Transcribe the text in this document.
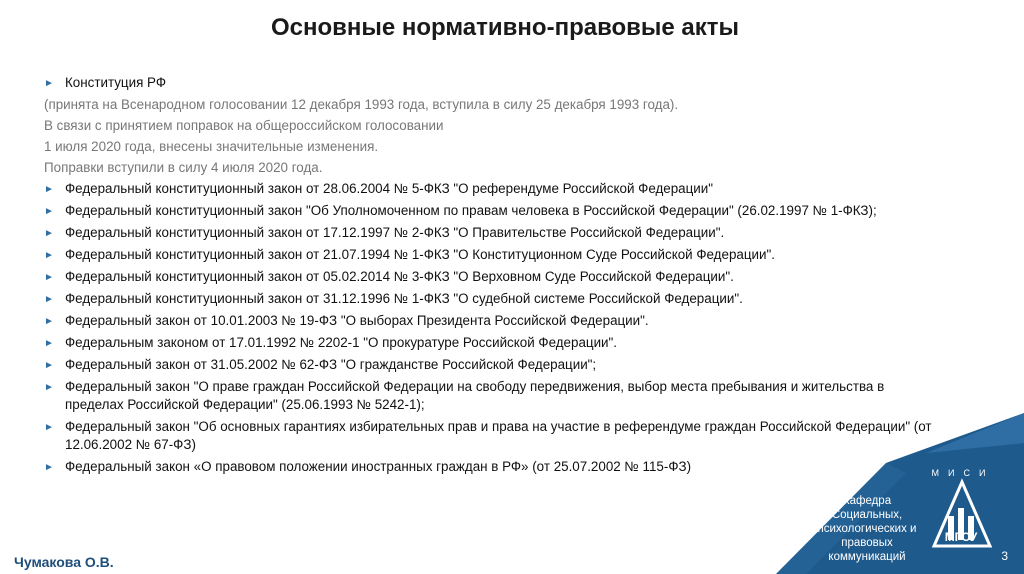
Основные нормативно-правовые акты
► Конституция РФ
(принята на Всенародном голосовании 12 декабря 1993 года, вступила в силу 25 декабря 1993 года).
В связи с принятием поправок на общероссийском голосовании
1 июля 2020 года, внесены значительные изменения.
Поправки вступили в силу 4 июля 2020 года.
► Федеральный конституционный закон от 28.06.2004 № 5-ФКЗ "О референдуме Российской Федерации"
► Федеральный конституционный закон "Об Уполномоченном по правам человека в Российской Федерации" (26.02.1997 № 1-ФКЗ);
► Федеральный конституционный закон от 17.12.1997 № 2-ФКЗ "О Правительстве Российской Федерации".
► Федеральный конституционный закон от 21.07.1994 № 1-ФКЗ "О Конституционном Суде Российской Федерации".
► Федеральный конституционный закон от 05.02.2014 № 3-ФКЗ "О Верховном Суде Российской Федерации".
► Федеральный конституционный закон от 31.12.1996 № 1-ФКЗ "О судебной системе Российской Федерации".
► Федеральный закон от 10.01.2003 № 19-ФЗ "О выборах Президента Российской Федерации".
► Федеральным законом от 17.01.1992 № 2202-1 "О прокуратуре Российской Федерации".
► Федеральный закон от 31.05.2002 № 62-ФЗ "О гражданстве Российской Федерации";
► Федеральный закон "О праве граждан Российской Федерации на свободу передвижения, выбор места пребывания и жительства в пределах Российской Федерации" (25.06.1993 № 5242-1);
► Федеральный закон "Об основных гарантиях избирательных прав и права на участие в референдуме граждан Российской Федерации" (от 12.06.2002 № 67-ФЗ)
► Федеральный закон «О правовом положении иностранных граждан в РФ» (от 25.07.2002 № 115-ФЗ)
Кафедра
Социальных,
психологических и
правовых коммуникаций
МИСИ
МГСУ
3
Чумакова О.В.
